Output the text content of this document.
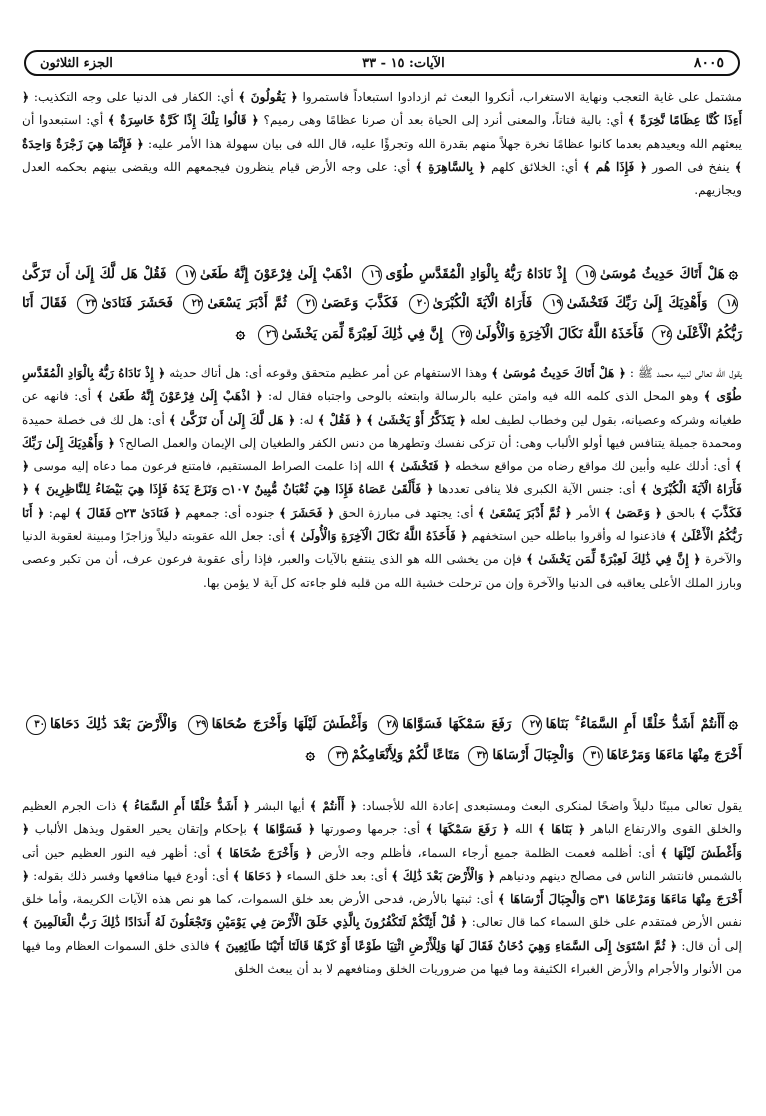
٨٠٠٥
الآيات: ١٥ - ٣٣
الجزء الثلاثون
مشتمل على غاية التعجب ونهاية الاستغراب، أنكروا البعث ثم ازدادوا استبعاداً فاستمروا ﴿ يَقُولُونَ ﴾ أي: الكفار فى الدنيا على وجه التكذيب: ﴿ أَءِذَا كُنَّا عِظَامًا نَّخِرَةً ﴾ أي: بالية فتاتاً، والمعنى أنرد إلى الحياة بعد أن صرنا عظامًا وهى رميم؟ ﴿ قَالُوا تِلْكَ إِذًا كَرَّةٌ خَاسِرَةٌ ﴾ أي: استبعدوا أن يبعثهم الله ويعيدهم بعدما كانوا عظامًا نخرة جهلاً منهم بقدرة الله وتجرؤًا عليه، قال الله فى بيان سهولة هذا الأمر عليه: ﴿ فَإِنَّمَا هِيَ زَجْرَةٌ وَاحِدَةٌ ﴾ ينفخ فى الصور ﴿ فَإِذَا هُم ﴾ أي: الخلائق كلهم ﴿ بِالسَّاهِرَةِ ﴾ أي: على وجه الأرض قيام ينظرون فيجمعهم الله ويقضى بينهم بحكمه العدل ويجازيهم.
۞هَلْ أَتَاكَ حَدِيثُ مُوسَىٰ١٥ إِذْ نَادَاهُ رَبُّهُ بِالْوَادِ الْمُقَدَّسِ طُوًى١٦ اذْهَبْ إِلَىٰ فِرْعَوْنَ إِنَّهُ طَغَىٰ١٧ فَقُلْ هَل لَّكَ إِلَىٰ أَن تَزَكَّىٰ١٨ وَأَهْدِيَكَ إِلَىٰ رَبِّكَ فَتَخْشَىٰ١٩ فَأَرَاهُ الْآيَةَ الْكُبْرَىٰ٢٠ فَكَذَّبَ وَعَصَىٰ٢١ ثُمَّ أَدْبَرَ يَسْعَىٰ٢٢ فَحَشَرَ فَنَادَىٰ٢٣ فَقَالَ أَنَا رَبُّكُمُ الْأَعْلَىٰ٢٤ فَأَخَذَهُ اللَّهُ نَكَالَ الْآخِرَةِ وَالْأُولَىٰ٢٥ إِنَّ فِي ذَٰلِكَ لَعِبْرَةً لِّمَن يَخْشَىٰ٢٦ ۞
يقول الله تعالى لنبيه محمد ﷺ : ﴿ هَلْ أَتَاكَ حَدِيثُ مُوسَىٰ ﴾ وهذا الاستفهام عن أمر عظيم متحقق وقوعه أى: هل أتاك حديثه ﴿ إِذْ نَادَاهُ رَبُّهُ بِالْوَادِ الْمُقَدَّسِ طُوًى ﴾ وهو المحل الذى كلمه الله فيه وامتن عليه بالرسالة وابتعثه بالوحى واجتباه فقال له: ﴿ اذْهَبْ إِلَىٰ فِرْعَوْنَ إِنَّهُ طَغَىٰ ﴾ أى: فانهه عن طغيانه وشركه وعصيانه، بقول لين وخطاب لطيف لعله ﴿ يَتَذَكَّرُ أَوْ يَخْشَىٰ ﴾ ﴿ فَقُلْ ﴾ له: ﴿ هَل لَّكَ إِلَىٰ أَن تَزَكَّىٰ ﴾ أى: هل لك فى خصلة حميدة ومحمدة جميلة يتنافس فيها أولو الألباب وهى: أن تزكى نفسك وتطهرها من دنس الكفر والطغيان إلى الإيمان والعمل الصالح؟ ﴿ وَأَهْدِيَكَ إِلَىٰ رَبِّكَ ﴾ أى: أدلك عليه وأبين لك مواقع رضاه من مواقع سخطه ﴿ فَتَخْشَىٰ ﴾ الله إذا علمت الصراط المستقيم، فامتنع فرعون مما دعاه إليه موسى ﴿ فَأَرَاهُ الْآيَةَ الْكُبْرَىٰ ﴾ أى: جنس الآية الكبرى فلا ينافى تعددها ﴿ فَأَلْقَىٰ عَصَاهُ فَإِذَا هِيَ ثُعْبَانٌ مُّبِينٌ ۝١٠٧ وَنَزَعَ يَدَهُ فَإِذَا هِيَ بَيْضَاءُ لِلنَّاظِرِينَ ﴾ ﴿ فَكَذَّبَ ﴾ بالحق ﴿ وَعَصَىٰ ﴾ الأمر ﴿ ثُمَّ أَدْبَرَ يَسْعَىٰ ﴾ أى: يجتهد فى مبارزة الحق ﴿ فَحَشَرَ ﴾ جنوده أى: جمعهم ﴿ فَنَادَىٰ ۝٢٣ فَقَالَ ﴾ لهم: ﴿ أَنَا رَبُّكُمُ الْأَعْلَىٰ ﴾ فاذعنوا له وأقروا بباطله حين استخفهم ﴿ فَأَخَذَهُ اللَّهُ نَكَالَ الْآخِرَةِ وَالْأُولَىٰ ﴾ أى: جعل الله عقوبته دليلاً وزاجرًا ومبينة لعقوبة الدنيا والآخرة ﴿ إِنَّ فِي ذَٰلِكَ لَعِبْرَةً لِّمَن يَخْشَىٰ ﴾ فإن من يخشى الله هو الذى ينتفع بالآيات والعبر، فإذا رأى عقوبة فرعون عرف، أن من تكبر وعصى وبارز الملك الأعلى يعاقبه فى الدنيا والآخرة وإن من ترحلت خشية الله من قلبه فلو جاءته كل آية لا يؤمن بها.
۞أَأَنتُمْ أَشَدُّ خَلْقًا أَمِ السَّمَاءُ ۚ بَنَاهَا٢٧ رَفَعَ سَمْكَهَا فَسَوَّاهَا٢٨ وَأَغْطَشَ لَيْلَهَا وَأَخْرَجَ ضُحَاهَا٢٩ وَالْأَرْضَ بَعْدَ ذَٰلِكَ دَحَاهَا٣٠ أَخْرَجَ مِنْهَا مَاءَهَا وَمَرْعَاهَا٣١ وَالْجِبَالَ أَرْسَاهَا٣٢ مَتَاعًا لَّكُمْ وَلِأَنْعَامِكُمْ٣٣ ۞
يقول تعالى مبينًا دليلاً واضحًا لمنكرى البعث ومستبعدى إعادة الله للأجساد: ﴿ أَأَنتُمْ ﴾ أيها البشر ﴿ أَشَدُّ خَلْقًا أَمِ السَّمَاءُ ﴾ ذات الجرم العظيم والخلق القوى والارتفاع الباهر ﴿ بَنَاهَا ﴾ الله ﴿ رَفَعَ سَمْكَهَا ﴾ أى: جرمها وصورتها ﴿ فَسَوَّاهَا ﴾ بإحكام وإتقان يحير العقول ويذهل الألباب ﴿ وَأَغْطَشَ لَيْلَهَا ﴾ أى: أظلمه فعمت الظلمة جميع أرجاء السماء، فأظلم وجه الأرض ﴿ وَأَخْرَجَ ضُحَاهَا ﴾ أى: أظهر فيه النور العظيم حين أتى بالشمس فانتشر الناس فى مصالح دينهم ودنياهم ﴿ وَالْأَرْضَ بَعْدَ ذَٰلِكَ ﴾ أى: بعد خلق السماء ﴿ دَحَاهَا ﴾ أى: أودع فيها منافعها وفسر ذلك بقوله: ﴿ أَخْرَجَ مِنْهَا مَاءَهَا وَمَرْعَاهَا ۝٣١ وَالْجِبَالَ أَرْسَاهَا ﴾ أى: ثبتها بالأرض، فدحى الأرض بعد خلق السموات، كما هو نص هذه الآيات الكريمة، وأما خلق نفس الأرض فمتقدم على خلق السماء كما قال تعالى: ﴿ قُلْ أَئِنَّكُمْ لَتَكْفُرُونَ بِالَّذِي خَلَقَ الْأَرْضَ فِي يَوْمَيْنِ وَتَجْعَلُونَ لَهُ أَندَادًا ذَٰلِكَ رَبُّ الْعَالَمِينَ ﴾ إلى أن قال: ﴿ ثُمَّ اسْتَوَىٰ إِلَى السَّمَاءِ وَهِيَ دُخَانٌ فَقَالَ لَهَا وَلِلْأَرْضِ ائْتِيَا طَوْعًا أَوْ كَرْهًا قَالَتَا أَتَيْنَا طَائِعِينَ ﴾ فالذى خلق السموات العظام وما فيها من الأنوار والأجرام والأرض الغبراء الكثيفة وما فيها من ضروريات الخلق ومنافعهم لا بد أن يبعث الخلق
